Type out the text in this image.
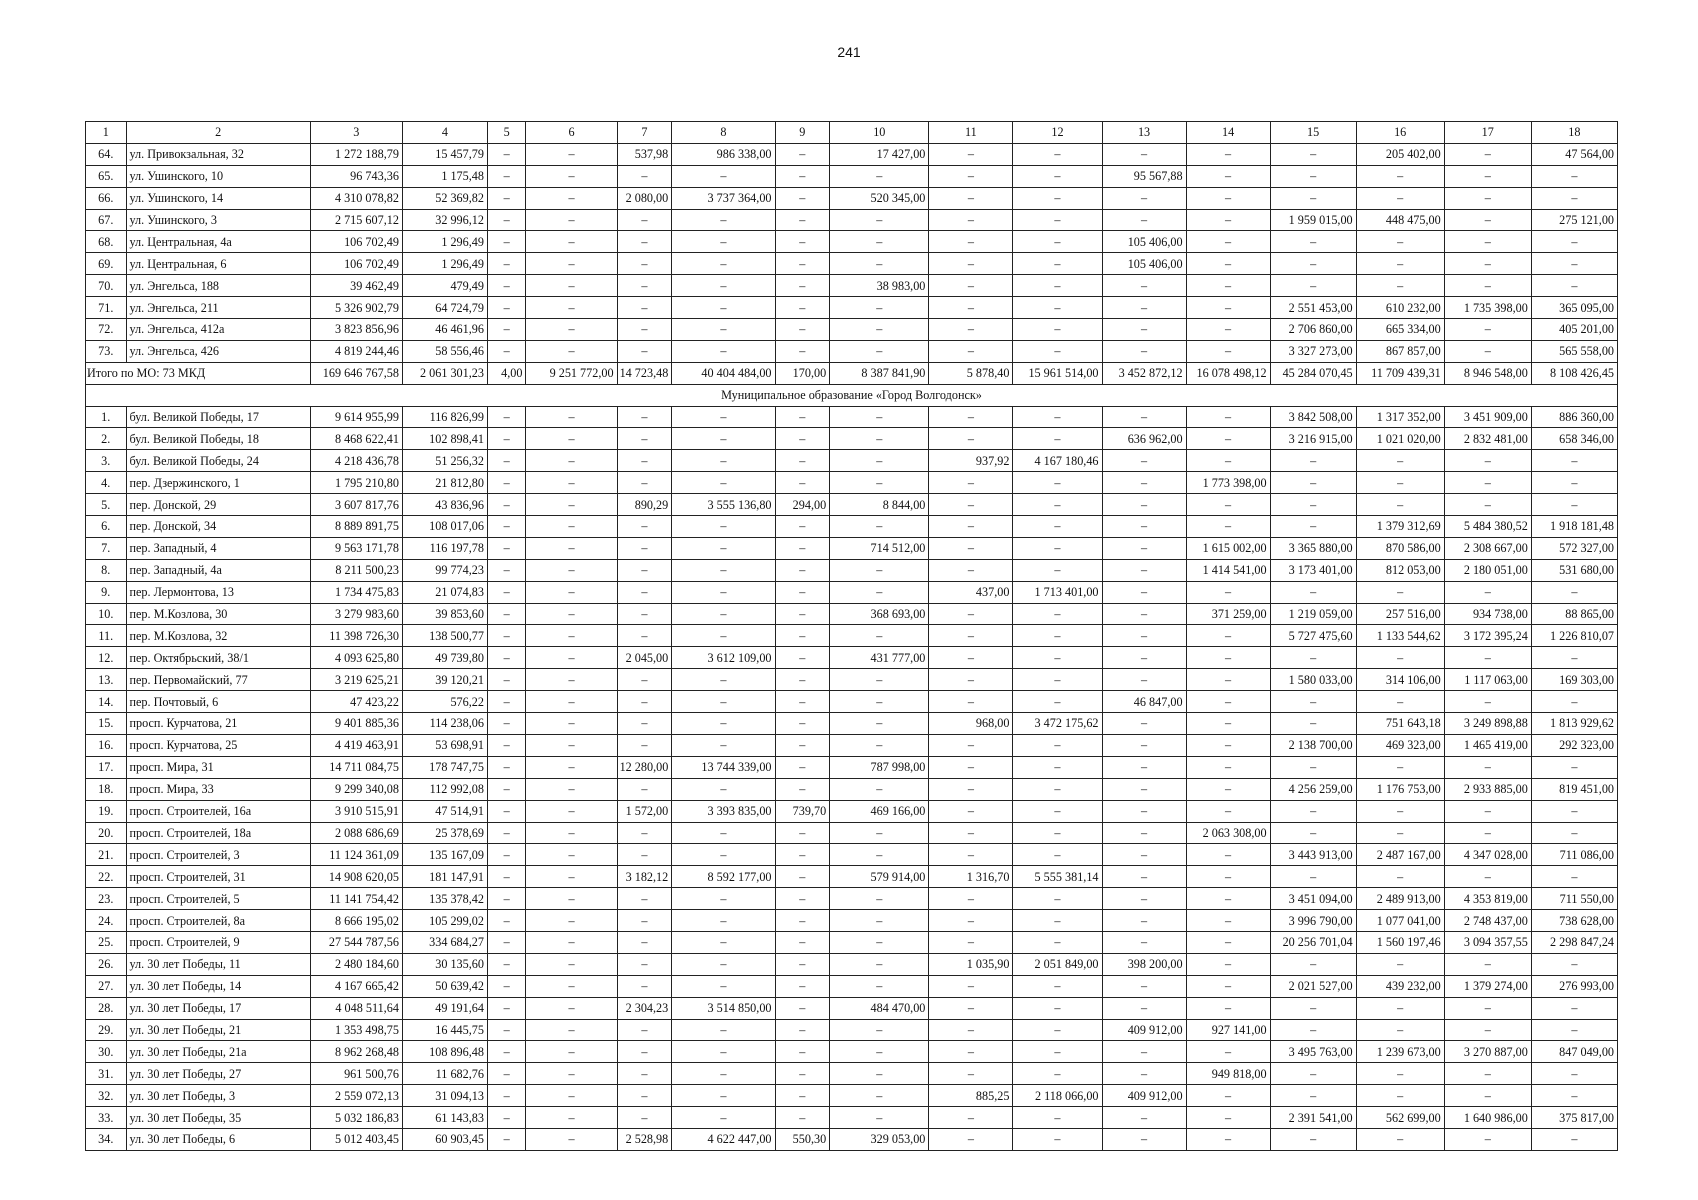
241
1	2	3	4	5	6	7	8	9	10	11	12	13	14	15	16	17	18
64.	ул. Привокзальная, 32	1 272 188,79	15 457,79	–	–	537,98	986 338,00	–	17 427,00	–	–	–	–	–	205 402,00	–	47 564,00
65.	ул. Ушинского, 10	96 743,36	1 175,48	–	–	–	–	–	–	–	–	95 567,88	–	–	–	–	–
66.	ул. Ушинского, 14	4 310 078,82	52 369,82	–	–	2 080,00	3 737 364,00	–	520 345,00	–	–	–	–	–	–	–	–
67.	ул. Ушинского, 3	2 715 607,12	32 996,12	–	–	–	–	–	–	–	–	–	–	1 959 015,00	448 475,00	–	275 121,00
68.	ул. Центральная, 4а	106 702,49	1 296,49	–	–	–	–	–	–	–	–	105 406,00	–	–	–	–	–
69.	ул. Центральная, 6	106 702,49	1 296,49	–	–	–	–	–	–	–	–	105 406,00	–	–	–	–	–
70.	ул. Энгельса, 188	39 462,49	479,49	–	–	–	–	–	38 983,00	–	–	–	–	–	–	–	–
71.	ул. Энгельса, 211	5 326 902,79	64 724,79	–	–	–	–	–	–	–	–	–	–	2 551 453,00	610 232,00	1 735 398,00	365 095,00
72.	ул. Энгельса, 412а	3 823 856,96	46 461,96	–	–	–	–	–	–	–	–	–	–	2 706 860,00	665 334,00	–	405 201,00
73.	ул. Энгельса, 426	4 819 244,46	58 556,46	–	–	–	–	–	–	–	–	–	–	3 327 273,00	867 857,00	–	565 558,00
Итого по МО: 73 МКД		169 646 767,58	2 061 301,23	4,00	9 251 772,00	14 723,48	40 404 484,00	170,00	8 387 841,90	5 878,40	15 961 514,00	3 452 872,12	16 078 498,12	45 284 070,45	11 709 439,31	8 946 548,00	8 108 426,45
Муниципальное образование «Город Волгодонск»																	
1.	бул. Великой Победы, 17	9 614 955,99	116 826,99	–	–	–	–	–	–	–	–	–	–	3 842 508,00	1 317 352,00	3 451 909,00	886 360,00
2.	бул. Великой Победы, 18	8 468 622,41	102 898,41	–	–	–	–	–	–	–	–	636 962,00	–	3 216 915,00	1 021 020,00	2 832 481,00	658 346,00
3.	бул. Великой Победы, 24	4 218 436,78	51 256,32	–	–	–	–	–	–	937,92	4 167 180,46	–	–	–	–	–	–
4.	пер. Дзержинского, 1	1 795 210,80	21 812,80	–	–	–	–	–	–	–	–	–	1 773 398,00	–	–	–	–
5.	пер. Донской, 29	3 607 817,76	43 836,96	–	–	890,29	3 555 136,80	294,00	8 844,00	–	–	–	–	–	–	–	–
6.	пер. Донской, 34	8 889 891,75	108 017,06	–	–	–	–	–	–	–	–	–	–	–	1 379 312,69	5 484 380,52	1 918 181,48
7.	пер. Западный, 4	9 563 171,78	116 197,78	–	–	–	–	–	714 512,00	–	–	–	1 615 002,00	3 365 880,00	870 586,00	2 308 667,00	572 327,00
8.	пер. Западный, 4а	8 211 500,23	99 774,23	–	–	–	–	–	–	–	–	–	1 414 541,00	3 173 401,00	812 053,00	2 180 051,00	531 680,00
9.	пер. Лермонтова, 13	1 734 475,83	21 074,83	–	–	–	–	–	–	437,00	1 713 401,00	–	–	–	–	–	–
10.	пер. М.Козлова, 30	3 279 983,60	39 853,60	–	–	–	–	–	368 693,00	–	–	–	371 259,00	1 219 059,00	257 516,00	934 738,00	88 865,00
11.	пер. М.Козлова, 32	11 398 726,30	138 500,77	–	–	–	–	–	–	–	–	–	–	5 727 475,60	1 133 544,62	3 172 395,24	1 226 810,07
12.	пер. Октябрьский, 38/1	4 093 625,80	49 739,80	–	–	2 045,00	3 612 109,00	–	431 777,00	–	–	–	–	–	–	–	–
13.	пер. Первомайский, 77	3 219 625,21	39 120,21	–	–	–	–	–	–	–	–	–	–	1 580 033,00	314 106,00	1 117 063,00	169 303,00
14.	пер. Почтовый, 6	47 423,22	576,22	–	–	–	–	–	–	–	–	46 847,00	–	–	–	–	–
15.	просп. Курчатова, 21	9 401 885,36	114 238,06	–	–	–	–	–	–	968,00	3 472 175,62	–	–	–	751 643,18	3 249 898,88	1 813 929,62
16.	просп. Курчатова, 25	4 419 463,91	53 698,91	–	–	–	–	–	–	–	–	–	–	2 138 700,00	469 323,00	1 465 419,00	292 323,00
17.	просп. Мира, 31	14 711 084,75	178 747,75	–	–	12 280,00	13 744 339,00	–	787 998,00	–	–	–	–	–	–	–	–
18.	просп. Мира, 33	9 299 340,08	112 992,08	–	–	–	–	–	–	–	–	–	–	4 256 259,00	1 176 753,00	2 933 885,00	819 451,00
19.	просп. Строителей, 16а	3 910 515,91	47 514,91	–	–	1 572,00	3 393 835,00	739,70	469 166,00	–	–	–	–	–	–	–	–
20.	просп. Строителей, 18а	2 088 686,69	25 378,69	–	–	–	–	–	–	–	–	–	2 063 308,00	–	–	–	–
21.	просп. Строителей, 3	11 124 361,09	135 167,09	–	–	–	–	–	–	–	–	–	–	3 443 913,00	2 487 167,00	4 347 028,00	711 086,00
22.	просп. Строителей, 31	14 908 620,05	181 147,91	–	–	3 182,12	8 592 177,00	–	579 914,00	1 316,70	5 555 381,14	–	–	–	–	–	–
23.	просп. Строителей, 5	11 141 754,42	135 378,42	–	–	–	–	–	–	–	–	–	–	3 451 094,00	2 489 913,00	4 353 819,00	711 550,00
24.	просп. Строителей, 8а	8 666 195,02	105 299,02	–	–	–	–	–	–	–	–	–	–	3 996 790,00	1 077 041,00	2 748 437,00	738 628,00
25.	просп. Строителей, 9	27 544 787,56	334 684,27	–	–	–	–	–	–	–	–	–	–	20 256 701,04	1 560 197,46	3 094 357,55	2 298 847,24
26.	ул. 30 лет Победы, 11	2 480 184,60	30 135,60	–	–	–	–	–	–	1 035,90	2 051 849,00	398 200,00	–	–	–	–	–
27.	ул. 30 лет Победы, 14	4 167 665,42	50 639,42	–	–	–	–	–	–	–	–	–	–	2 021 527,00	439 232,00	1 379 274,00	276 993,00
28.	ул. 30 лет Победы, 17	4 048 511,64	49 191,64	–	–	2 304,23	3 514 850,00	–	484 470,00	–	–	–	–	–	–	–	–
29.	ул. 30 лет Победы, 21	1 353 498,75	16 445,75	–	–	–	–	–	–	–	–	409 912,00	927 141,00	–	–	–	–
30.	ул. 30 лет Победы, 21а	8 962 268,48	108 896,48	–	–	–	–	–	–	–	–	–	–	3 495 763,00	1 239 673,00	3 270 887,00	847 049,00
31.	ул. 30 лет Победы, 27	961 500,76	11 682,76	–	–	–	–	–	–	–	–	–	949 818,00	–	–	–	–
32.	ул. 30 лет Победы, 3	2 559 072,13	31 094,13	–	–	–	–	–	–	885,25	2 118 066,00	409 912,00	–	–	–	–	–
33.	ул. 30 лет Победы, 35	5 032 186,83	61 143,83	–	–	–	–	–	–	–	–	–	–	2 391 541,00	562 699,00	1 640 986,00	375 817,00
34.	ул. 30 лет Победы, 6	5 012 403,45	60 903,45	–	–	2 528,98	4 622 447,00	550,30	329 053,00	–	–	–	–	–	–	–	–
